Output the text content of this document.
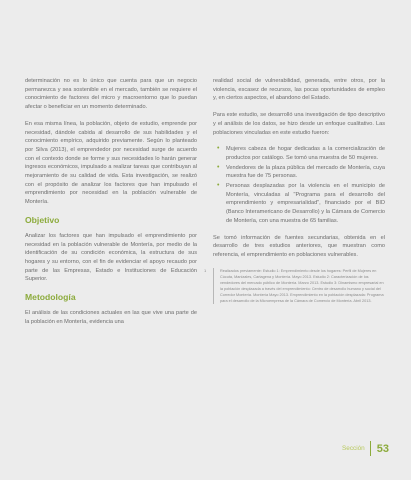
determinación no es lo único que cuenta para que un negocio permanezca y sea sostenible en el mercado, también se requiere el conocimiento de factores del micro y macroentorno que lo puedan afectar o beneficiar en un momento determinado.

En esa misma línea, la población, objeto de estudio, emprende por necesidad, dándole cabida al desarrollo de sus habilidades y el conocimiento empírico, adquirido previamente. Según lo planteado por Silva (2013), el emprendedor por necesidad surge de acuerdo con el contexto donde se forme y sus necesidades lo harán generar ingresos económicos, impulsado a realizar tareas que contribuyan al mejoramiento de su calidad de vida. Esta investigación, se realizó con el propósito de analizar los factores que han impulsado el emprendimiento por necesidad en la población vulnerable de Montería.

Objetivo

Analizar los factores que han impulsado el emprendimiento por necesidad en la población vulnerable de Montería, por medio de la identificación de su condición económica, la estructura de sus hogares y su entorno, con el fin de evidenciar el apoyo recaudo por parte de las Empresas, Estado e Instituciones de Educación Superior.

Metodología

El análisis de las condiciones actuales en las que vive una parte de la población en Montería, evidencia una

realidad social de vulnerabilidad, generada, entre otros, por la violencia, escasez de recursos, las pocas oportunidades de empleo y, en ciertos aspectos, el abandono del Estado.

Para este estudio, se desarrolló una investigación de tipo descriptivo y el análisis de los datos, se hizo desde un enfoque cualitativo. Las poblaciones vinculadas en este estudio fueron:

• Mujeres cabeza de hogar dedicadas a la comercialización de productos por catálogo. Se tomó una muestra de 50 mujeres.
• Vendedores de la plaza pública del mercado de Montería, cuya muestra fue de 75 personas.
• Personas desplazadas por la violencia en el municipio de Montería, vinculadas al "Programa para el desarrollo del emprendimiento y empresarialidad", financiado por el BID (Banco Interamericano de Desarrollo) y la Cámara de Comercio de Montería, con una muestra de 65 familias.

Se tomó información de fuentes secundarias, obtenida en el desarrollo de tres estudios anteriores, que muestran como referencia, el emprendimiento en poblaciones vulnerables.

1	Realizados previamente: Estudio 1: Emprendimiento desde los hogares: Perfil de Mujeres en Cúcuta, Manizales, Cartagena y Montería. Mayo 2013. Estudio 2: Caracterización de los vendedores del mercado público de Montería. Marzo 2013. Estudio 3: Dinamismo empresarial en la población desplazada a través del emprendimiento: Centro de desarrollo humano y social del Corredor Montería. Montería Mayo 2013. Emprendimiento en la población desplazada: Programa para el desarrollo de la Microempresa de la Cámara de Comercio de Montería. Abril 2013.
Sección 53
